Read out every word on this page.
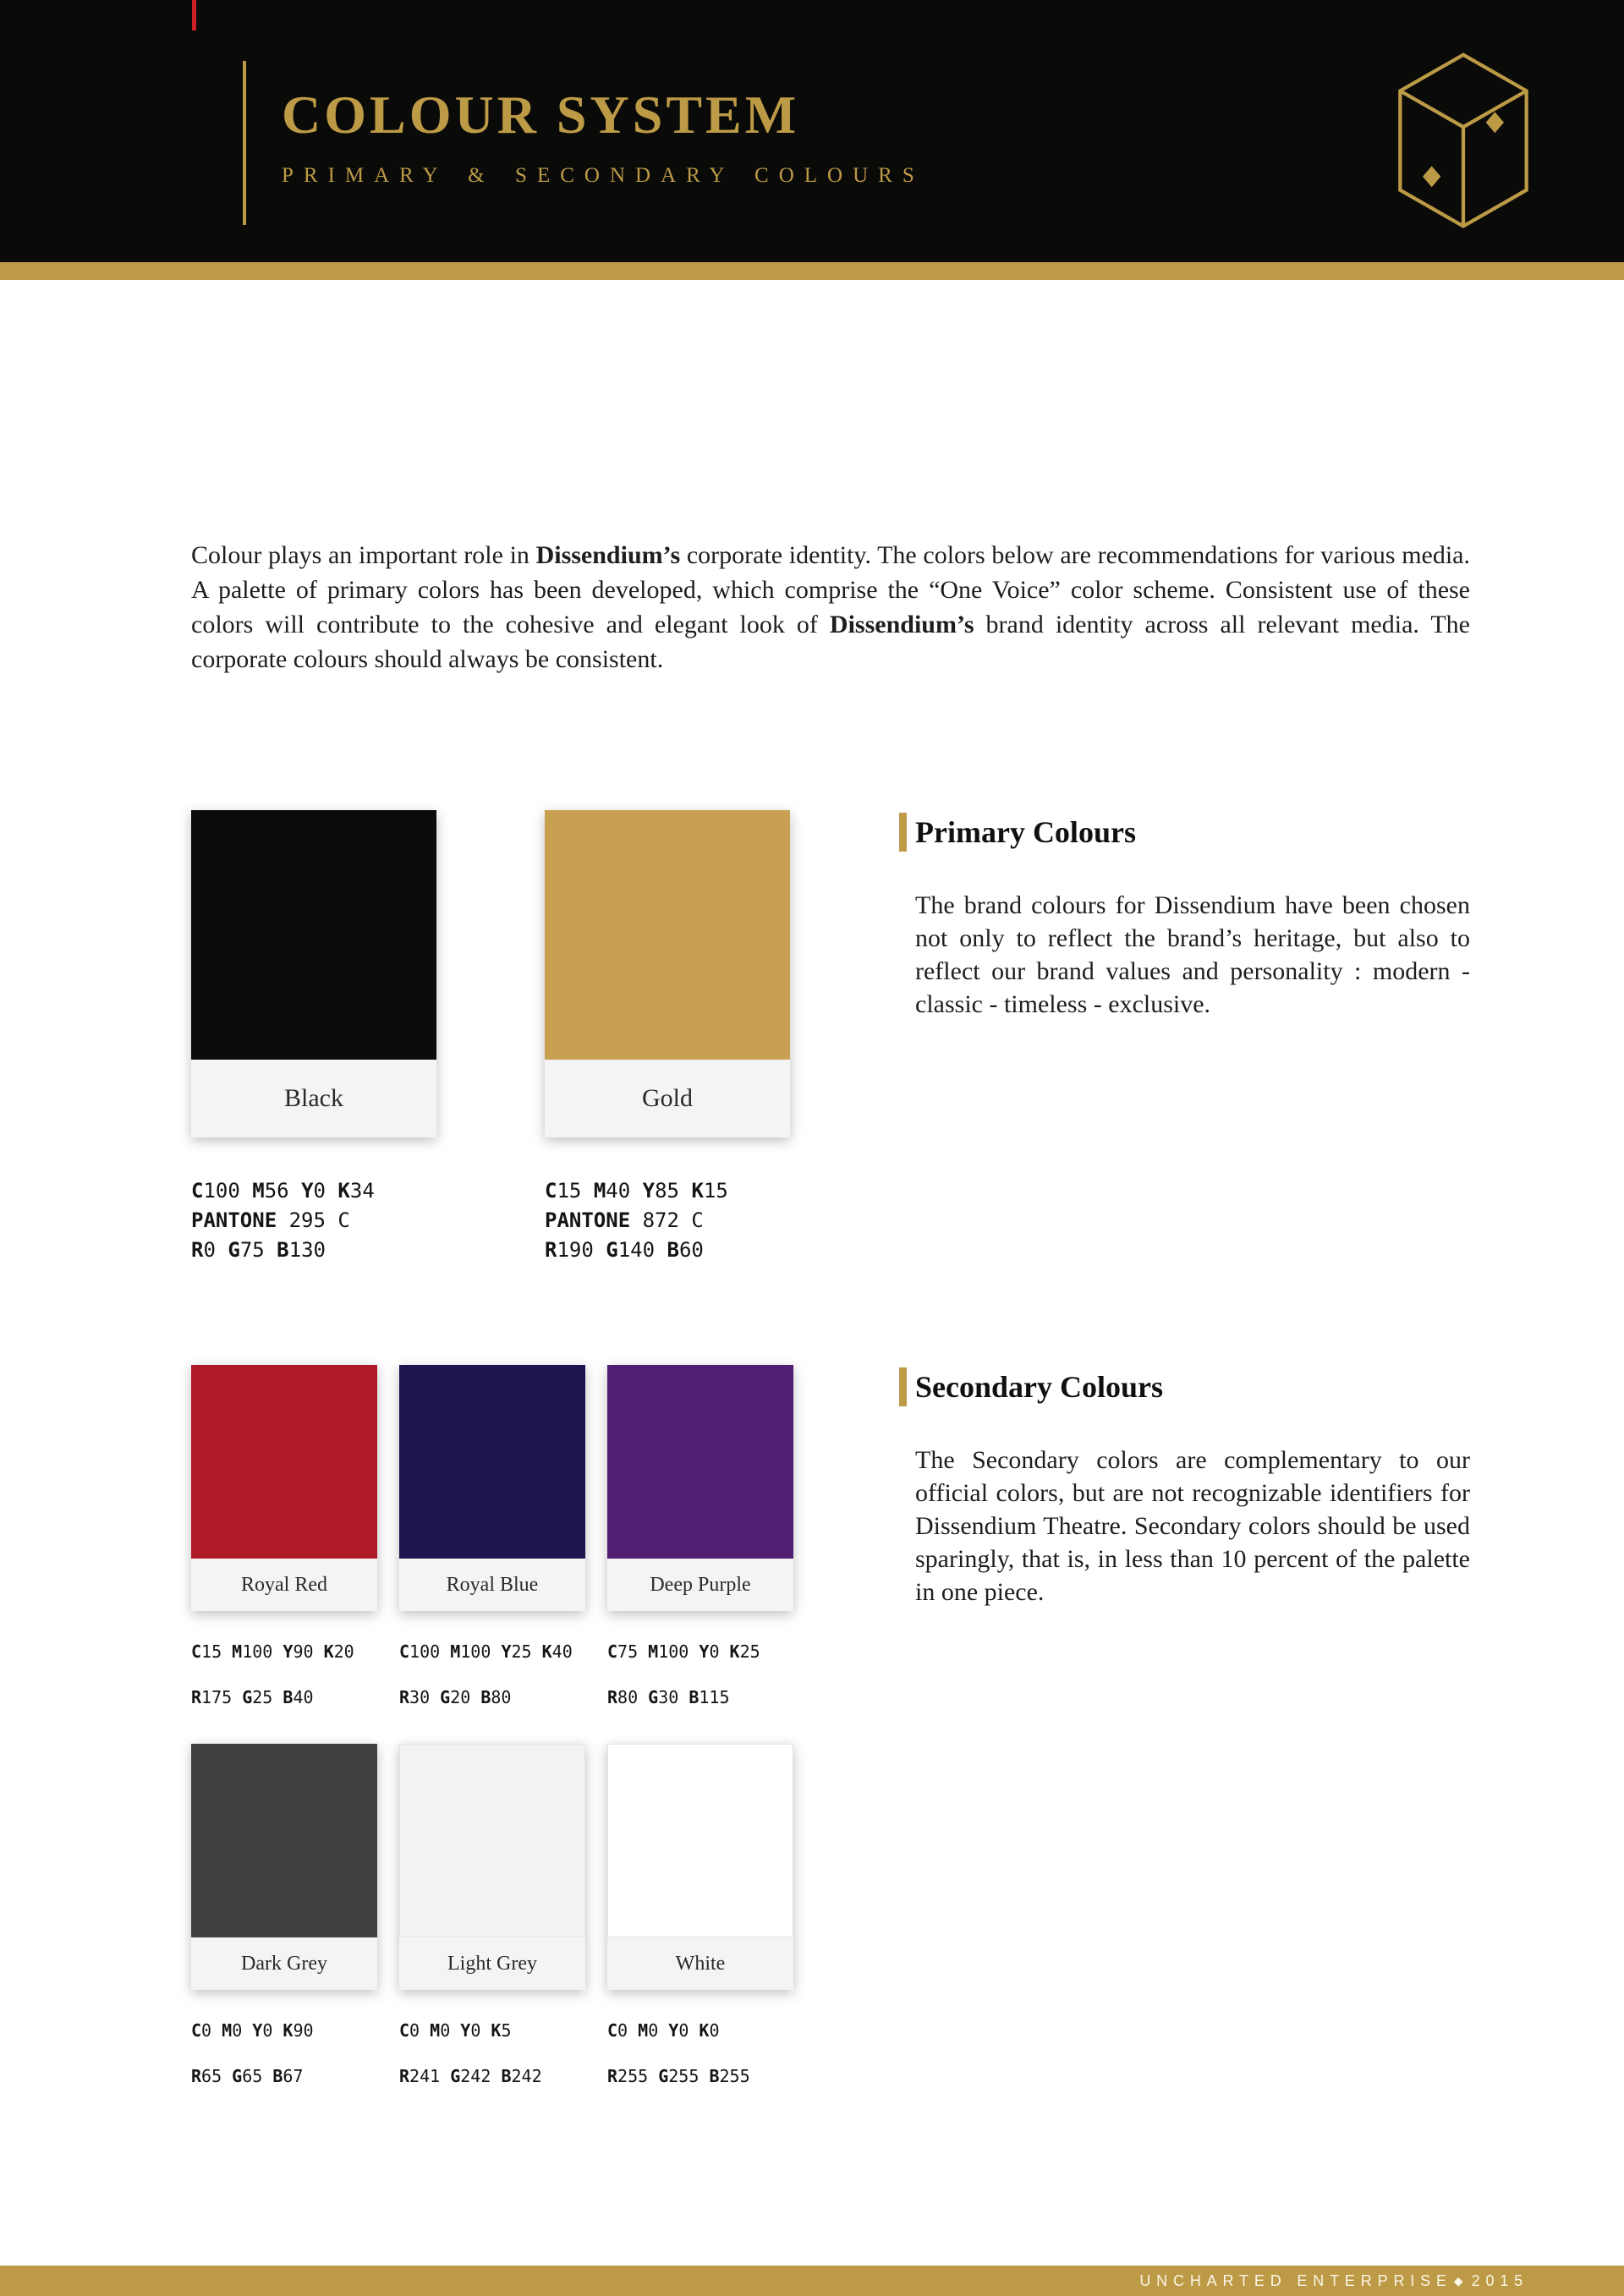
COLOUR SYSTEM
PRIMARY & SECONDARY COLOURS

Colour plays an important role in Dissendium’s corporate identity. The colors below are recommendations for various media. A palette of primary colors has been developed, which comprise the “One Voice” color scheme. Consistent use of these colors will contribute to the cohesive and elegant look of Dissendium’s brand identity across all relevant media. The corporate colours should always be consistent.

Black
C100 M56 Y0 K34
PANTONE 295 C
R0 G75 B130
Gold
C15 M40 Y85 K15
PANTONE 872 C
R190 G140 B60
Primary Colours

The brand colours for Dissendium have been chosen not only to reflect the brand’s heritage, but also to reflect our brand values and personality : modern - classic - timeless - exclusive.

Royal Red
C15 M100 Y90 K20
R175 G25 B40
Royal Blue
C100 M100 Y25 K40
R30 G20 B80
Deep Purple
C75 M100 Y0 K25
R80 G30 B115
Dark Grey
C0 M0 Y0 K90
R65 G65 B67
Light Grey
C0 M0 Y0 K5
R241 G242 B242
White
C0 M0 Y0 K0
R255 G255 B255
Secondary Colours

The Secondary colors are complementary to our official colors, but are not recognizable identifiers for Dissendium Theatre. Secondary colors should be used sparingly, that is, in less than 10 percent of the palette in one piece.

UNCHARTED ENTERPRISE ◆ 2015
